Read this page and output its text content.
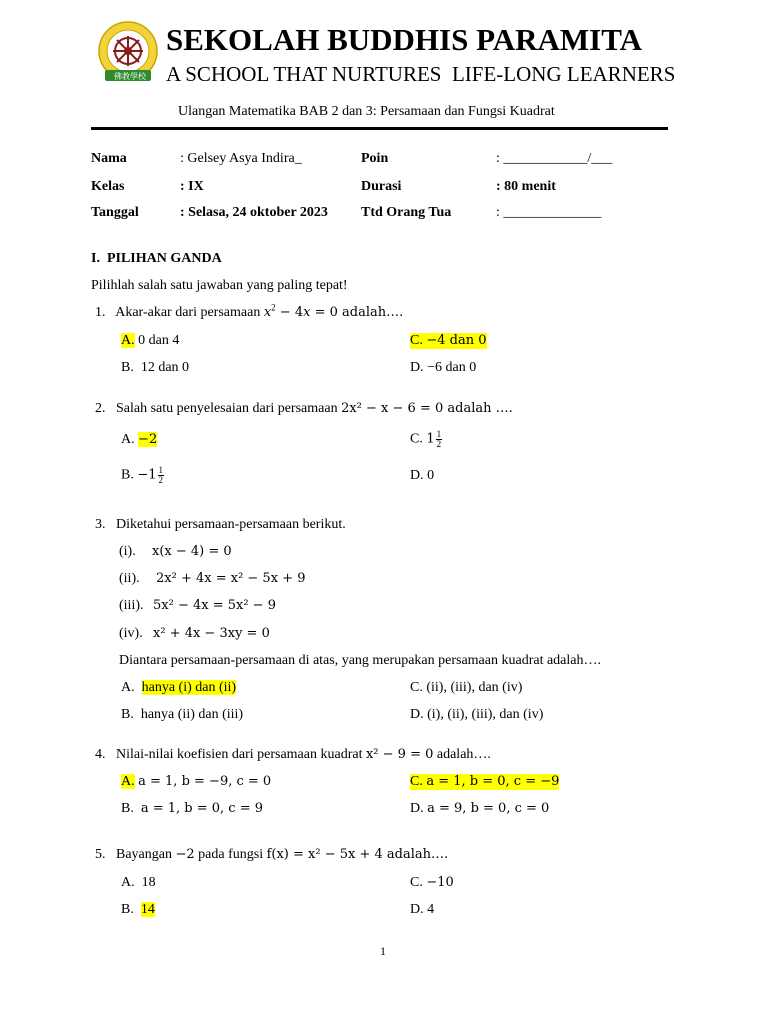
佛教學校
SEKOLAH BUDDHIS PARAMITA
A SCHOOL THAT NURTURES  LIFE-LONG LEARNERS
Ulangan Matematika BAB 2 dan 3: Persamaan dan Fungsi Kuadrat
Nama
Kelas
Tanggal
: Gelsey Asya Indira_
: IX
: Selasa, 24 oktober 2023
Poin
Durasi
Ttd Orang Tua
: ____________/___
: 80 menit
: ______________
I.  PILIHAN GANDA
Pilihlah salah satu jawaban yang paling tepat!
1. Akar-akar dari persamaan $x^2 - 4x = 0$ adalah….
A. 0 dan 4
B. 12 dan 0
C. −4 dan 0
D. −6 dan 0
2. Salah satu penyelesaian dari persamaan 2x² − x − 6 = 0 adalah ….
A. −2
B. $-1 \frac{1}{2}$
C. $1 \frac{1}{2}$
D. 0
3. Diketahui persamaan-persamaan berikut.
(i). x(x − 4) = 0
(ii). 2x² + 4x = x² − 5x + 9
(iii). 5x² − 4x = 5x² − 9
(iv). x² + 4x − 3xy = 0
Diantara persamaan-persamaan di atas, yang merupakan persamaan kuadrat adalah….
A. hanya (i) dan (ii)
B. hanya (ii) dan (iii)
C. (ii), (iii), dan (iv)
D. (i), (ii), (iii), dan (iv)
4. Nilai-nilai koefisien dari persamaan kuadrat x² − 9 = 0 adalah….
A. a = 1, b = −9, c = 0
B. a = 1, b = 0, c = 9
C. a = 1, b = 0, c = −9
D. a = 9, b = 0, c = 0
5. Bayangan −2 pada fungsi f(x) = x² − 5x + 4 adalah….
A. 18
B. 14
C. −10
D. 4
1
